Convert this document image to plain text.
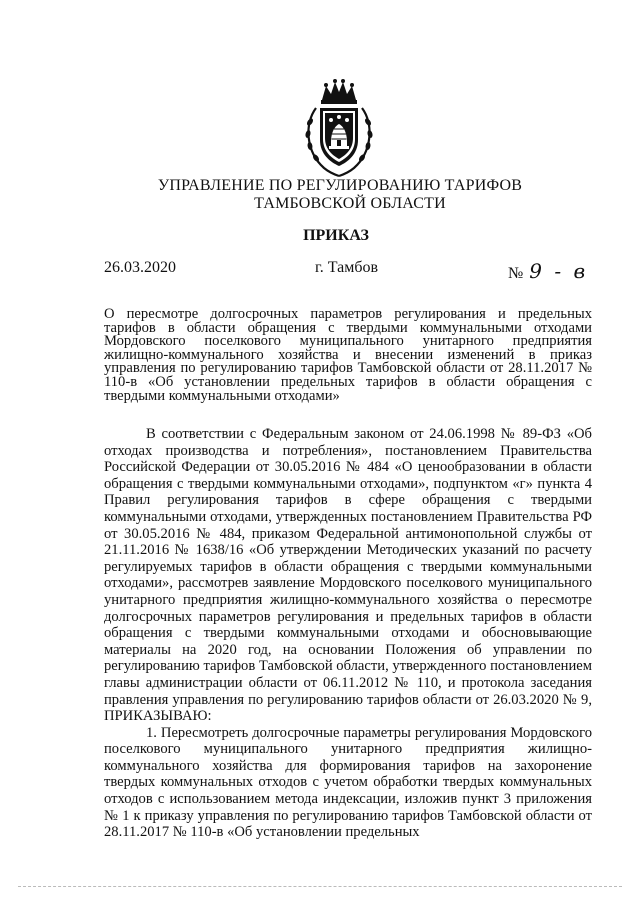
УПРАВЛЕНИЕ ПО РЕГУЛИРОВАНИЮ ТАРИФОВ
ТАМБОВСКОЙ ОБЛАСТИ
ПРИКАЗ
26.03.2020	г. Тамбов	№ 9 - в
О пересмотре долгосрочных параметров регулирования и предельных тарифов в области обращения с твердыми коммунальными отходами Мордовского поселкового муниципального унитарного предприятия жилищно-коммунального хозяйства и внесении изменений в приказ управления по регулированию тарифов Тамбовской области от 28.11.2017 № 110-в «Об установлении предельных тарифов в области обращения с твердыми коммунальными отходами»

В соответствии с Федеральным законом от 24.06.1998 № 89-ФЗ «Об отходах производства и потребления», постановлением Правительства Российской Федерации от 30.05.2016 № 484 «О ценообразовании в области обращения с твердыми коммунальными отходами», подпунктом «г» пункта 4 Правил регулирования тарифов в сфере обращения с твердыми коммунальными отходами, утвержденных постановлением Правительства РФ от 30.05.2016 № 484, приказом Федеральной антимонопольной службы от 21.11.2016 № 1638/16 «Об утверждении Методических указаний по расчету регулируемых тарифов в области обращения с твердыми коммунальными отходами», рассмотрев заявление Мордовского поселкового муниципального унитарного предприятия жилищно-коммунального хозяйства о пересмотре долгосрочных параметров регулирования и предельных тарифов в области обращения с твердыми коммунальными отходами и обосновывающие материалы на 2020 год, на основании Положения об управлении по регулированию тарифов Тамбовской области, утвержденного постановлением главы администрации области от 06.11.2012 № 110, и протокола заседания правления управления по регулированию тарифов области от 26.03.2020 № 9, ПРИКАЗЫВАЮ:

1. Пересмотреть долгосрочные параметры регулирования Мордовского поселкового муниципального унитарного предприятия жилищно-коммунального хозяйства для формирования тарифов на захоронение твердых коммунальных отходов с учетом обработки твердых коммунальных отходов с использованием метода индексации, изложив пункт 3 приложения № 1 к приказу управления по регулированию тарифов Тамбовской области от 28.11.2017 № 110-в «Об установлении предельных
